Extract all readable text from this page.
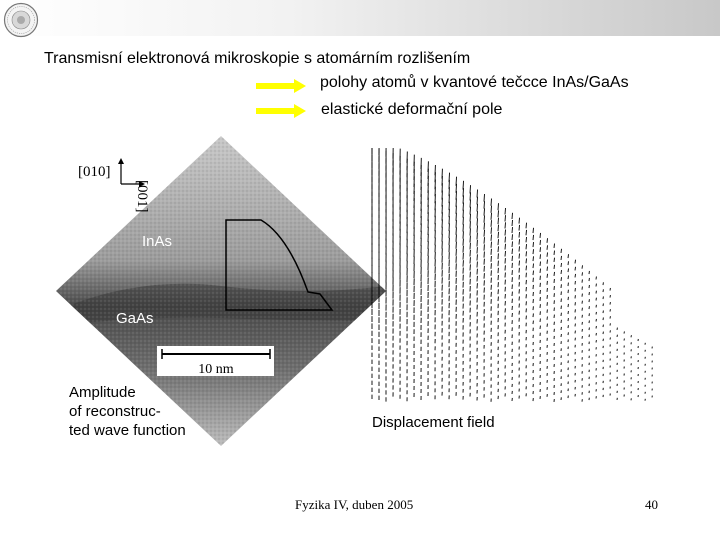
Transmisní elektronová mikroskopie s atomárním rozlišením
polohy atomů v kvantové tečcce InAs/GaAs
elastické deformační pole
[010]
[001]
InAs
GaAs
10 nm
Amplitude
of reconstruc-
ted wave function	Displacement field
Fyzika IV, duben 2005	40
